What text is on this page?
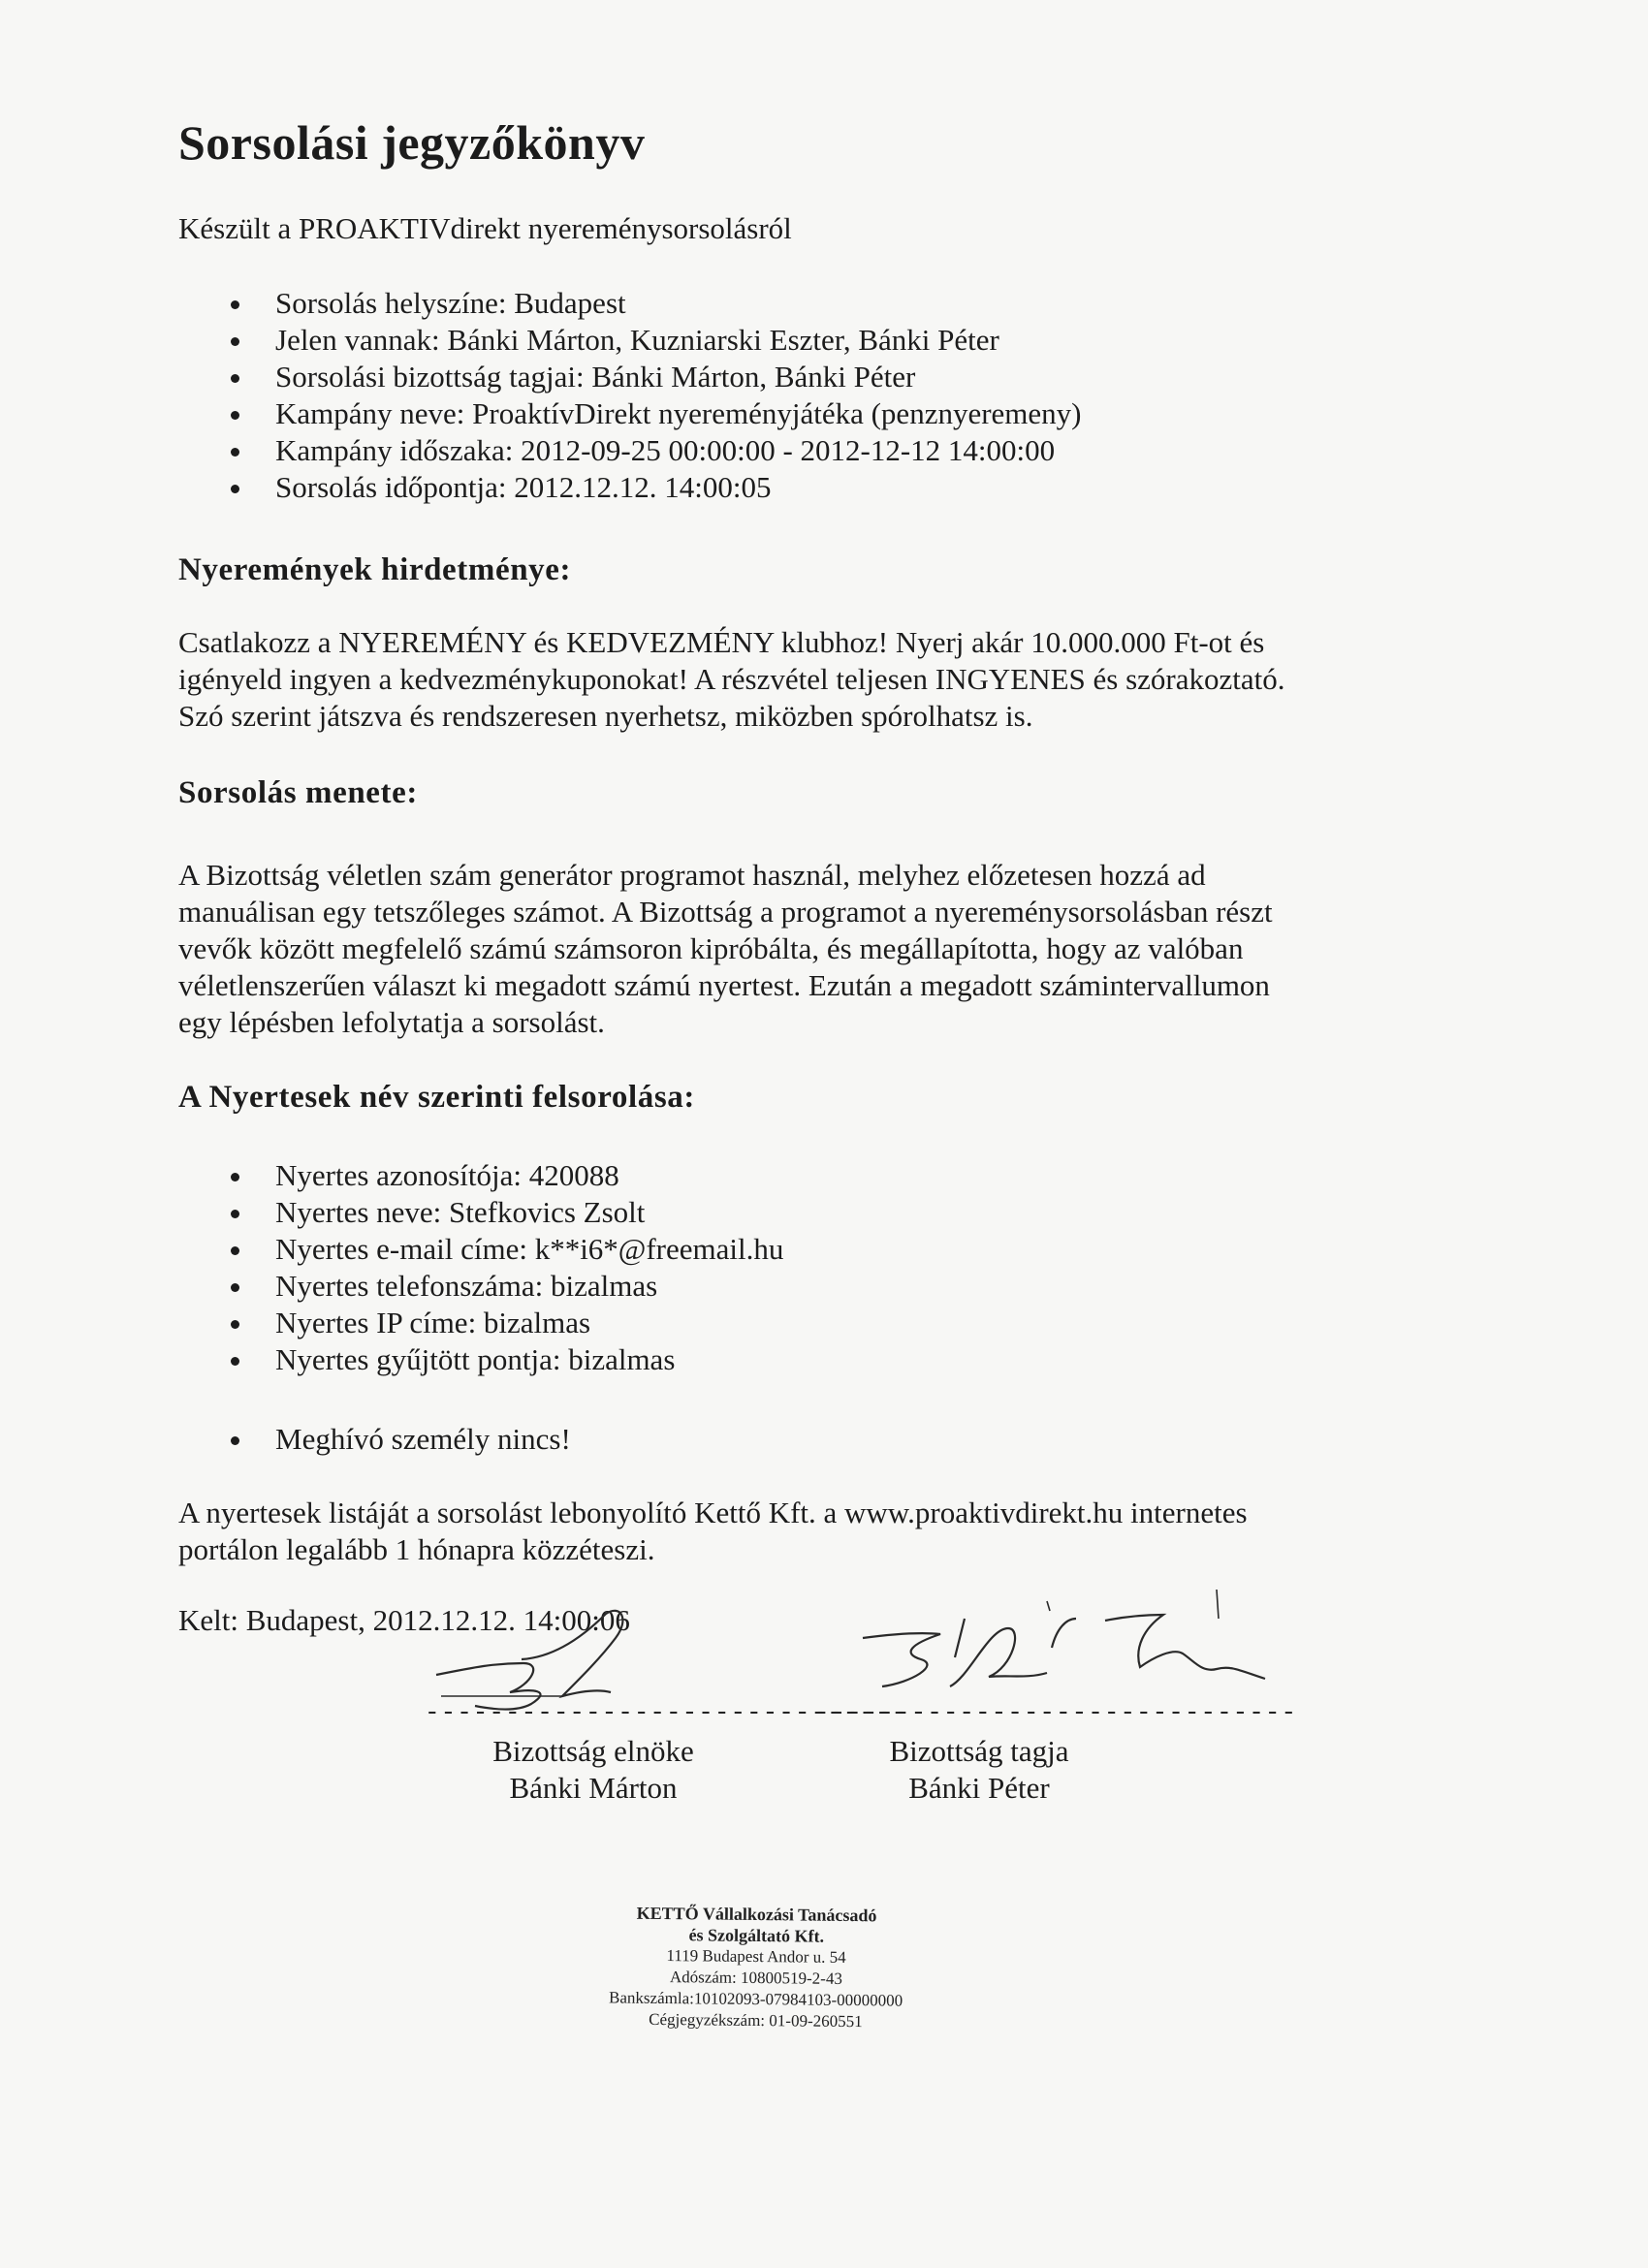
Sorsolási jegyzőkönyv

Készült a PROAKTIVdirekt nyereménysorsolásról

Sorsolás helyszíne: Budapest
Jelen vannak: Bánki Márton, Kuzniarski Eszter, Bánki Péter
Sorsolási bizottság tagjai: Bánki Márton, Bánki Péter
Kampány neve: ProaktívDirekt nyereményjátéka (penznyeremeny)
Kampány időszaka: 2012-09-25 00:00:00 - 2012-12-12 14:00:00
Sorsolás időpontja: 2012.12.12. 14:00:05
Nyeremények hirdetménye:
Csatlakozz a NYEREMÉNY és KEDVEZMÉNY klubhoz! Nyerj akár 10.000.000 Ft-ot és
igényeld ingyen a kedvezménykuponokat! A részvétel teljesen INGYENES és szórakoztató.
Szó szerint játszva és rendszeresen nyerhetsz, miközben spórolhatsz is.
Sorsolás menete:
A Bizottság véletlen szám generátor programot használ, melyhez előzetesen hozzá ad
manuálisan egy tetszőleges számot. A Bizottság a programot a nyereménysorsolásban részt
vevők között megfelelő számú számsoron kipróbálta, és megállapította, hogy az valóban
véletlenszerűen választ ki megadott számú nyertest. Ezután a megadott számintervallumon
egy lépésben lefolytatja a sorsolást.
A Nyertesek név szerinti felsorolása:
Nyertes azonosítója: 420088
Nyertes neve: Stefkovics Zsolt
Nyertes e-mail címe: k**i6*@freemail.hu
Nyertes telefonszáma: bizalmas
Nyertes IP címe: bizalmas
Nyertes gyűjtött pontja: bizalmas
Meghívó személy nincs!
A nyertesek listáját a sorsolást lebonyolító Kettő Kft. a www.proaktivdirekt.hu internetes
portálon legalább 1 hónapra közzéteszi.

Kelt: Budapest, 2012.12.12. 14:00:06

------------------------------
------------------------------
Bizottság elnöke
Bánki Márton
Bizottság tagja
Bánki Péter
KETTŐ Vállalkozási Tanácsadó
és Szolgáltató Kft.
1119 Budapest Andor u. 54
Adószám: 10800519-2-43
Bankszámla:10102093-07984103-00000000
Cégjegyzékszám: 01-09-260551
